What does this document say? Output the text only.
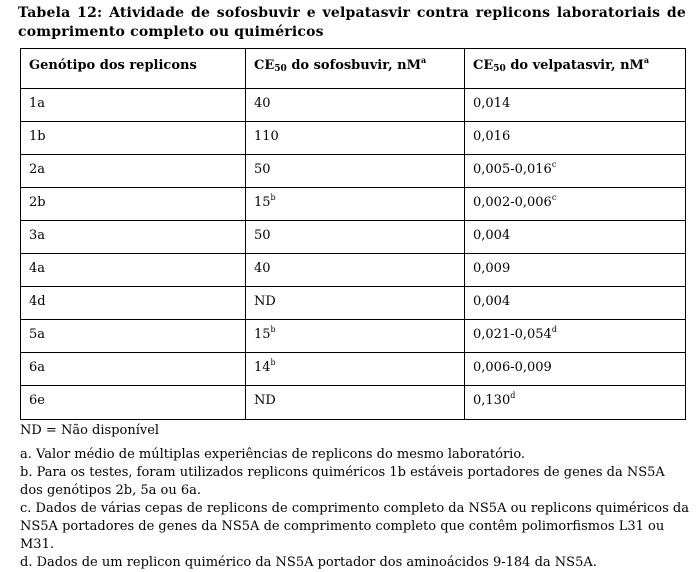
Tabela 12: Atividade de sofosbuvir e velpatasvir contra replicons laboratoriais de comprimento completo ou quiméricos
Genótipo dos replicons	$CE_{50}$ do sofosbuvir, $nM^a$	$CE_{50}$ do velpatasvir, $nM^a$
1a	40	0,014
1b	110	0,016
2a	50	0,005-0,016$^c$
2b	15$^b$	0,002-0,006$^c$
3a	50	0,004
4a	40	0,009
4d	ND	0,004
5a	15$^b$	0,021-0,054$^d$
6a	14$^b$	0,006-0,009
6e	ND	0,130$^d$
ND = Não disponível
a. Valor médio de múltiplas experiências de replicons do mesmo laboratório.
b. Para os testes, foram utilizados replicons quiméricos 1b estáveis portadores de genes da NS5A dos genótipos 2b, 5a ou 6a.
c. Dados de várias cepas de replicons de comprimento completo da NS5A ou replicons quiméricos da NS5A portadores de genes da NS5A de comprimento completo que contêm polimorfismos L31 ou M31.
d. Dados de um replicon quimérico da NS5A portador dos aminoácidos 9-184 da NS5A.
